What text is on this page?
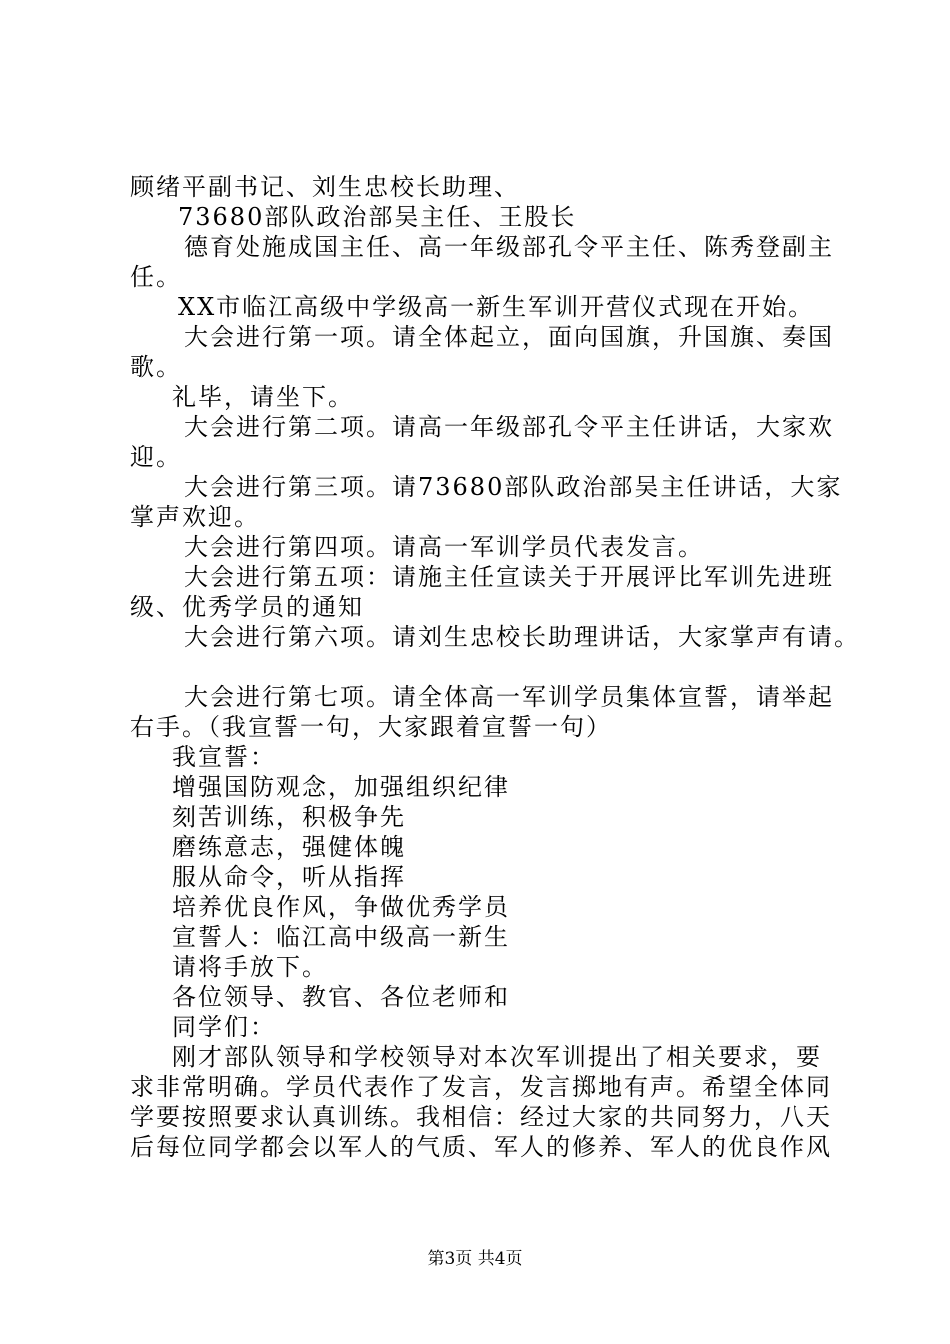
顾绪平副书记、刘生忠校长助理、
73680部队政治部吴主任、王股长
德育处施成国主任、高一年级部孔令平主任、陈秀登副主
任。
XX市临江高级中学级高一新生军训开营仪式现在开始。
大会进行第一项。请全体起立，面向国旗，升国旗、奏国
歌。
礼毕，请坐下。
大会进行第二项。请高一年级部孔令平主任讲话，大家欢
迎。
大会进行第三项。请73680部队政治部吴主任讲话，大家
掌声欢迎。
大会进行第四项。请高一军训学员代表发言。
大会进行第五项：请施主任宣读关于开展评比军训先进班
级、优秀学员的通知
大会进行第六项。请刘生忠校长助理讲话，大家掌声有请。
大会进行第七项。请全体高一军训学员集体宣誓，请举起
右手。（我宣誓一句，大家跟着宣誓一句）
我宣誓：
增强国防观念，加强组织纪律
刻苦训练，积极争先
磨练意志，强健体魄
服从命令，听从指挥
培养优良作风，争做优秀学员
宣誓人：临江高中级高一新生
请将手放下。
各位领导、教官、各位老师和
同学们：
刚才部队领导和学校领导对本次军训提出了相关要求，要
求非常明确。学员代表作了发言，发言掷地有声。希望全体同
学要按照要求认真训练。我相信：经过大家的共同努力，八天
后每位同学都会以军人的气质、军人的修养、军人的优良作风
第3页 共4页
